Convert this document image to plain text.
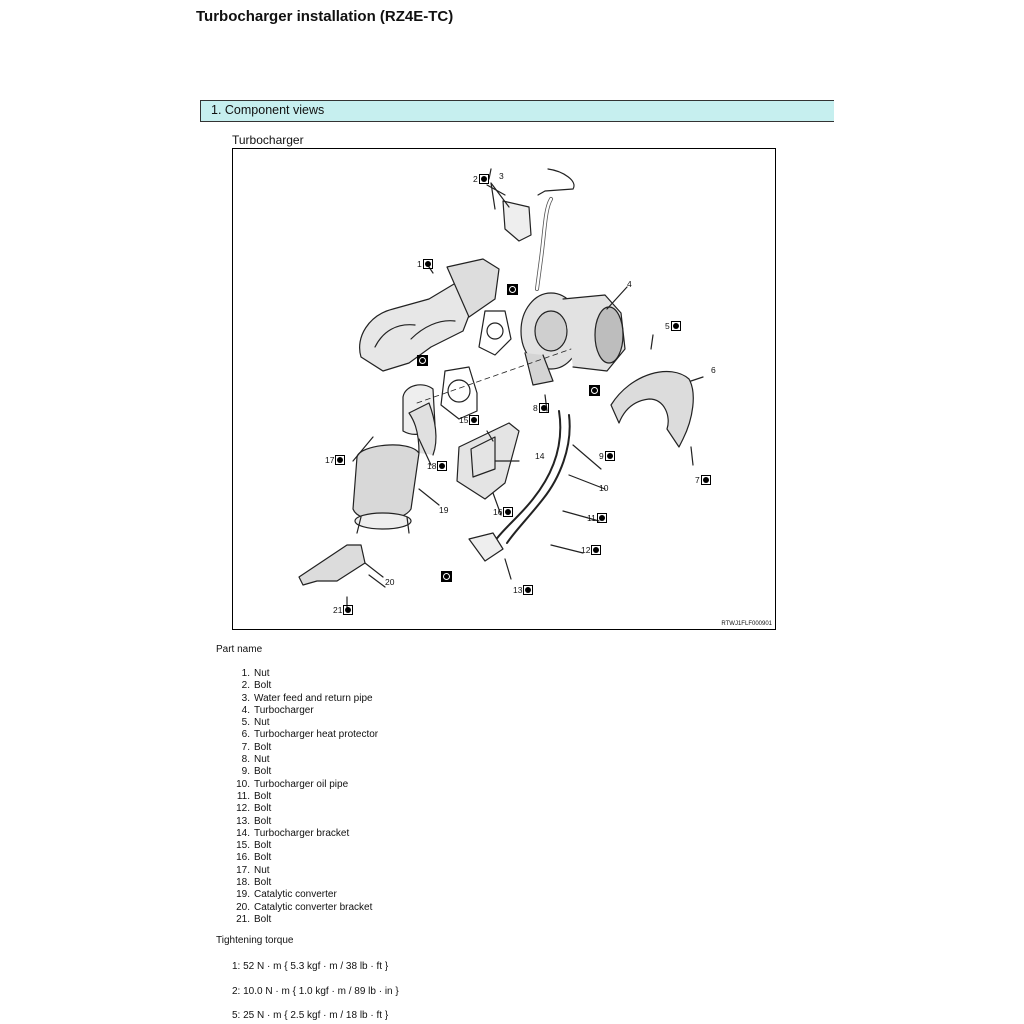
Turbocharger installation (RZ4E-TC)
1. Component views
Turbocharger
1
2	3
4
5
6
7
8
9
10
11
12
13
14
15
16
17
18
19
20
21
RTWJ1FLF000901
Part name
1. Nut
2. Bolt
3. Water feed and return pipe
4. Turbocharger
5. Nut
6. Turbocharger heat protector
7. Bolt
8. Nut
9. Bolt
10. Turbocharger oil pipe
11. Bolt
12. Bolt
13. Bolt
14. Turbocharger bracket
15. Bolt
16. Bolt
17. Nut
18. Bolt
19. Catalytic converter
20. Catalytic converter bracket
21. Bolt
Tightening torque
1: 52 N · m { 5.3 kgf · m / 38 lb · ft }
2: 10.0 N · m { 1.0 kgf · m / 89 lb · in }
5: 25 N · m { 2.5 kgf · m / 18 lb · ft }
